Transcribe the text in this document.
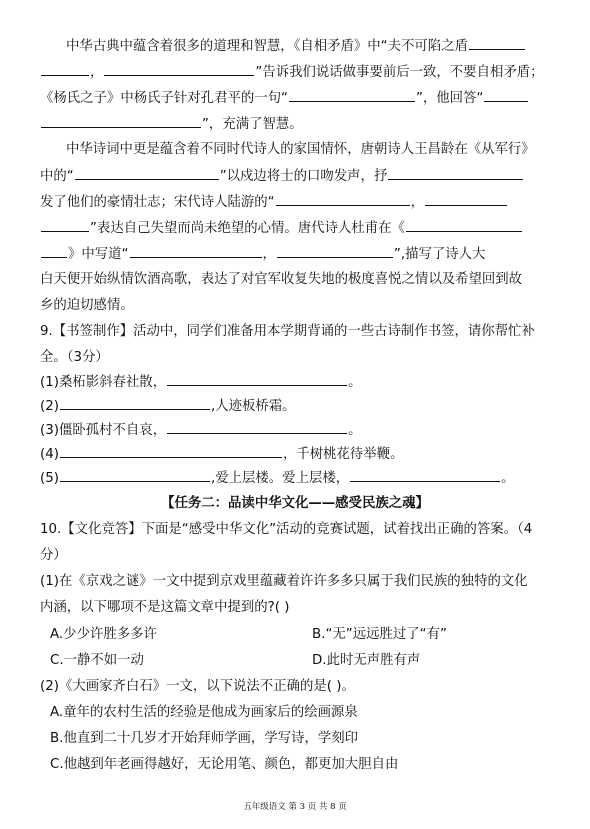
中华古典中蕴含着很多的道理和智慧，《自相矛盾》中“夫不可陷之盾
，	”告诉我们说话做事要前后一致，不要自相矛盾；
《杨氏之子》中杨氏子针对孔君平的一句“	”，他回答“
”，充满了智慧。
中华诗词中更是蕴含着不同时代诗人的家国情怀，唐朝诗人王昌龄在《从军行》
中的“	”以戍边将士的口吻发声，抒
发了他们的豪情壮志；宋代诗人陆游的“	，
”表达自己失望而尚未绝望的心情。唐代诗人杜甫在《
》中写道“	，	”,描写了诗人大
白天便开始纵情饮酒高歌，表达了对官军收复失地的极度喜悦之情以及希望回到故
乡的迫切感情。
9.【书签制作】活动中，同学们准备用本学期背诵的一些古诗制作书签，请你帮忙补
全。（3分）
(1)桑柘影斜春社散，	。
(2)	,人迹板桥霜。
(3)僵卧孤村不自哀，	。
(4)	，千树桃花待举鞭。
(5)	,爱上层楼。爱上层楼，	。
【任务二：品读中华文化——感受民族之魂】
10.【文化竞答】下面是“感受中华文化”活动的竞赛试题，试着找出正确的答案。（4
分）
(1)在《京戏之谜》一文中提到京戏里蕴藏着许许多多只属于我们民族的独特的文化
内涵，以下哪项不是这篇文章中提到的?( )
A.少少许胜多多许	B.“无”远远胜过了“有”
C.一静不如一动	D.此时无声胜有声
(2)《大画家齐白石》一文，以下说法不正确的是( )。
A.童年的农村生活的经验是他成为画家后的绘画源泉
B.他直到二十几岁才开始拜师学画，学写诗，学刻印
C.他越到年老画得越好，无论用笔、颜色，都更加大胆自由
五年级语文 第 3 页 共 8 页
